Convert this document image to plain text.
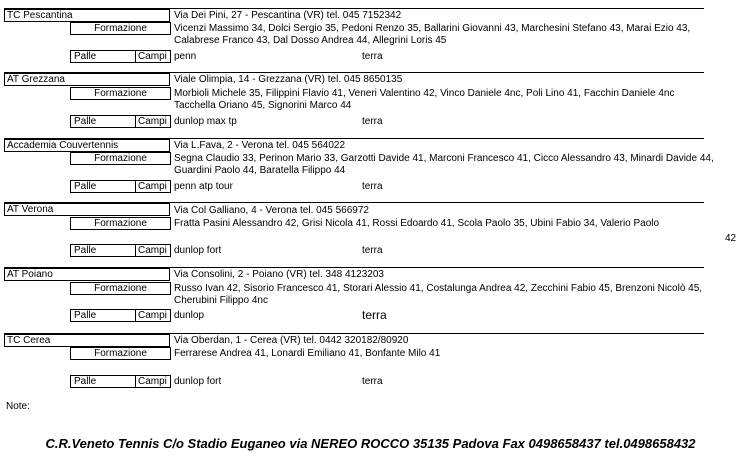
TC Pescantina	Via Dei Pini, 27 - Pescantina (VR) tel. 045 7152342
Formazione	Vicenzi Massimo 34, Dolci Sergio 35, Pedoni Renzo 35, Ballarini Giovanni 43, Marchesini Stefano 43, Marai Ezio 43, Calabrese Franco 43, Dal Dosso Andrea 44, Allegrini Loris 45
Palle	Campi penn	terra
AT Grezzana	Viale Olimpia, 14 - Grezzana (VR) tel. 045 8650135
Formazione	Morbioli Michele 35, Filippini Flavio 41, Veneri Valentino 42, Vinco Daniele 4nc, Poli Lino 41, Facchin Daniele 4nc Tacchella Oriano 45, Signorini Marco 44
Palle	Campi dunlop max tp	terra
Accademia Couvertennis	Via L.Fava, 2 - Verona tel. 045 564022
Formazione	Segna Claudio 33, Perinon Mario 33, Garzotti Davide 41, Marconi Francesco 41, Cicco Alessandro 43, Minardi Davide 44, Guardini Paolo 44, Baratella Filippo 44
Palle	Campi penn atp tour	terra
AT Verona	Via Col Galliano, 4 - Verona tel. 045 566972
Formazione	Fratta Pasini Alessandro 42, Grisi Nicola 41, Rossi Edoardo 41, Scola Paolo 35, Ubini Fabio 34, Valerio Paolo
42
Palle	Campi dunlop fort	terra
AT Poiano	Via Consolini, 2 - Poiano (VR) tel. 348 4123203
Formazione	Russo Ivan 42, Sisorio Francesco 41, Storari Alessio 41, Costalunga Andrea 42, Zecchini Fabio 45, Brenzoni Nicolò 45, Cherubini Filippo 4nc
Palle	Campi dunlop	terra
TC Cerea	Via Oberdan, 1 - Cerea (VR) tel. 0442 320182/80920
Formazione	Ferrarese Andrea 41, Lonardi Emiliano 41, Bonfante Milo 41
Palle	Campi dunlop fort	terra
Note:
C.R.Veneto Tennis C/o Stadio Euganeo via NEREO ROCCO 35135 Padova Fax 0498658437 tel.0498658432
